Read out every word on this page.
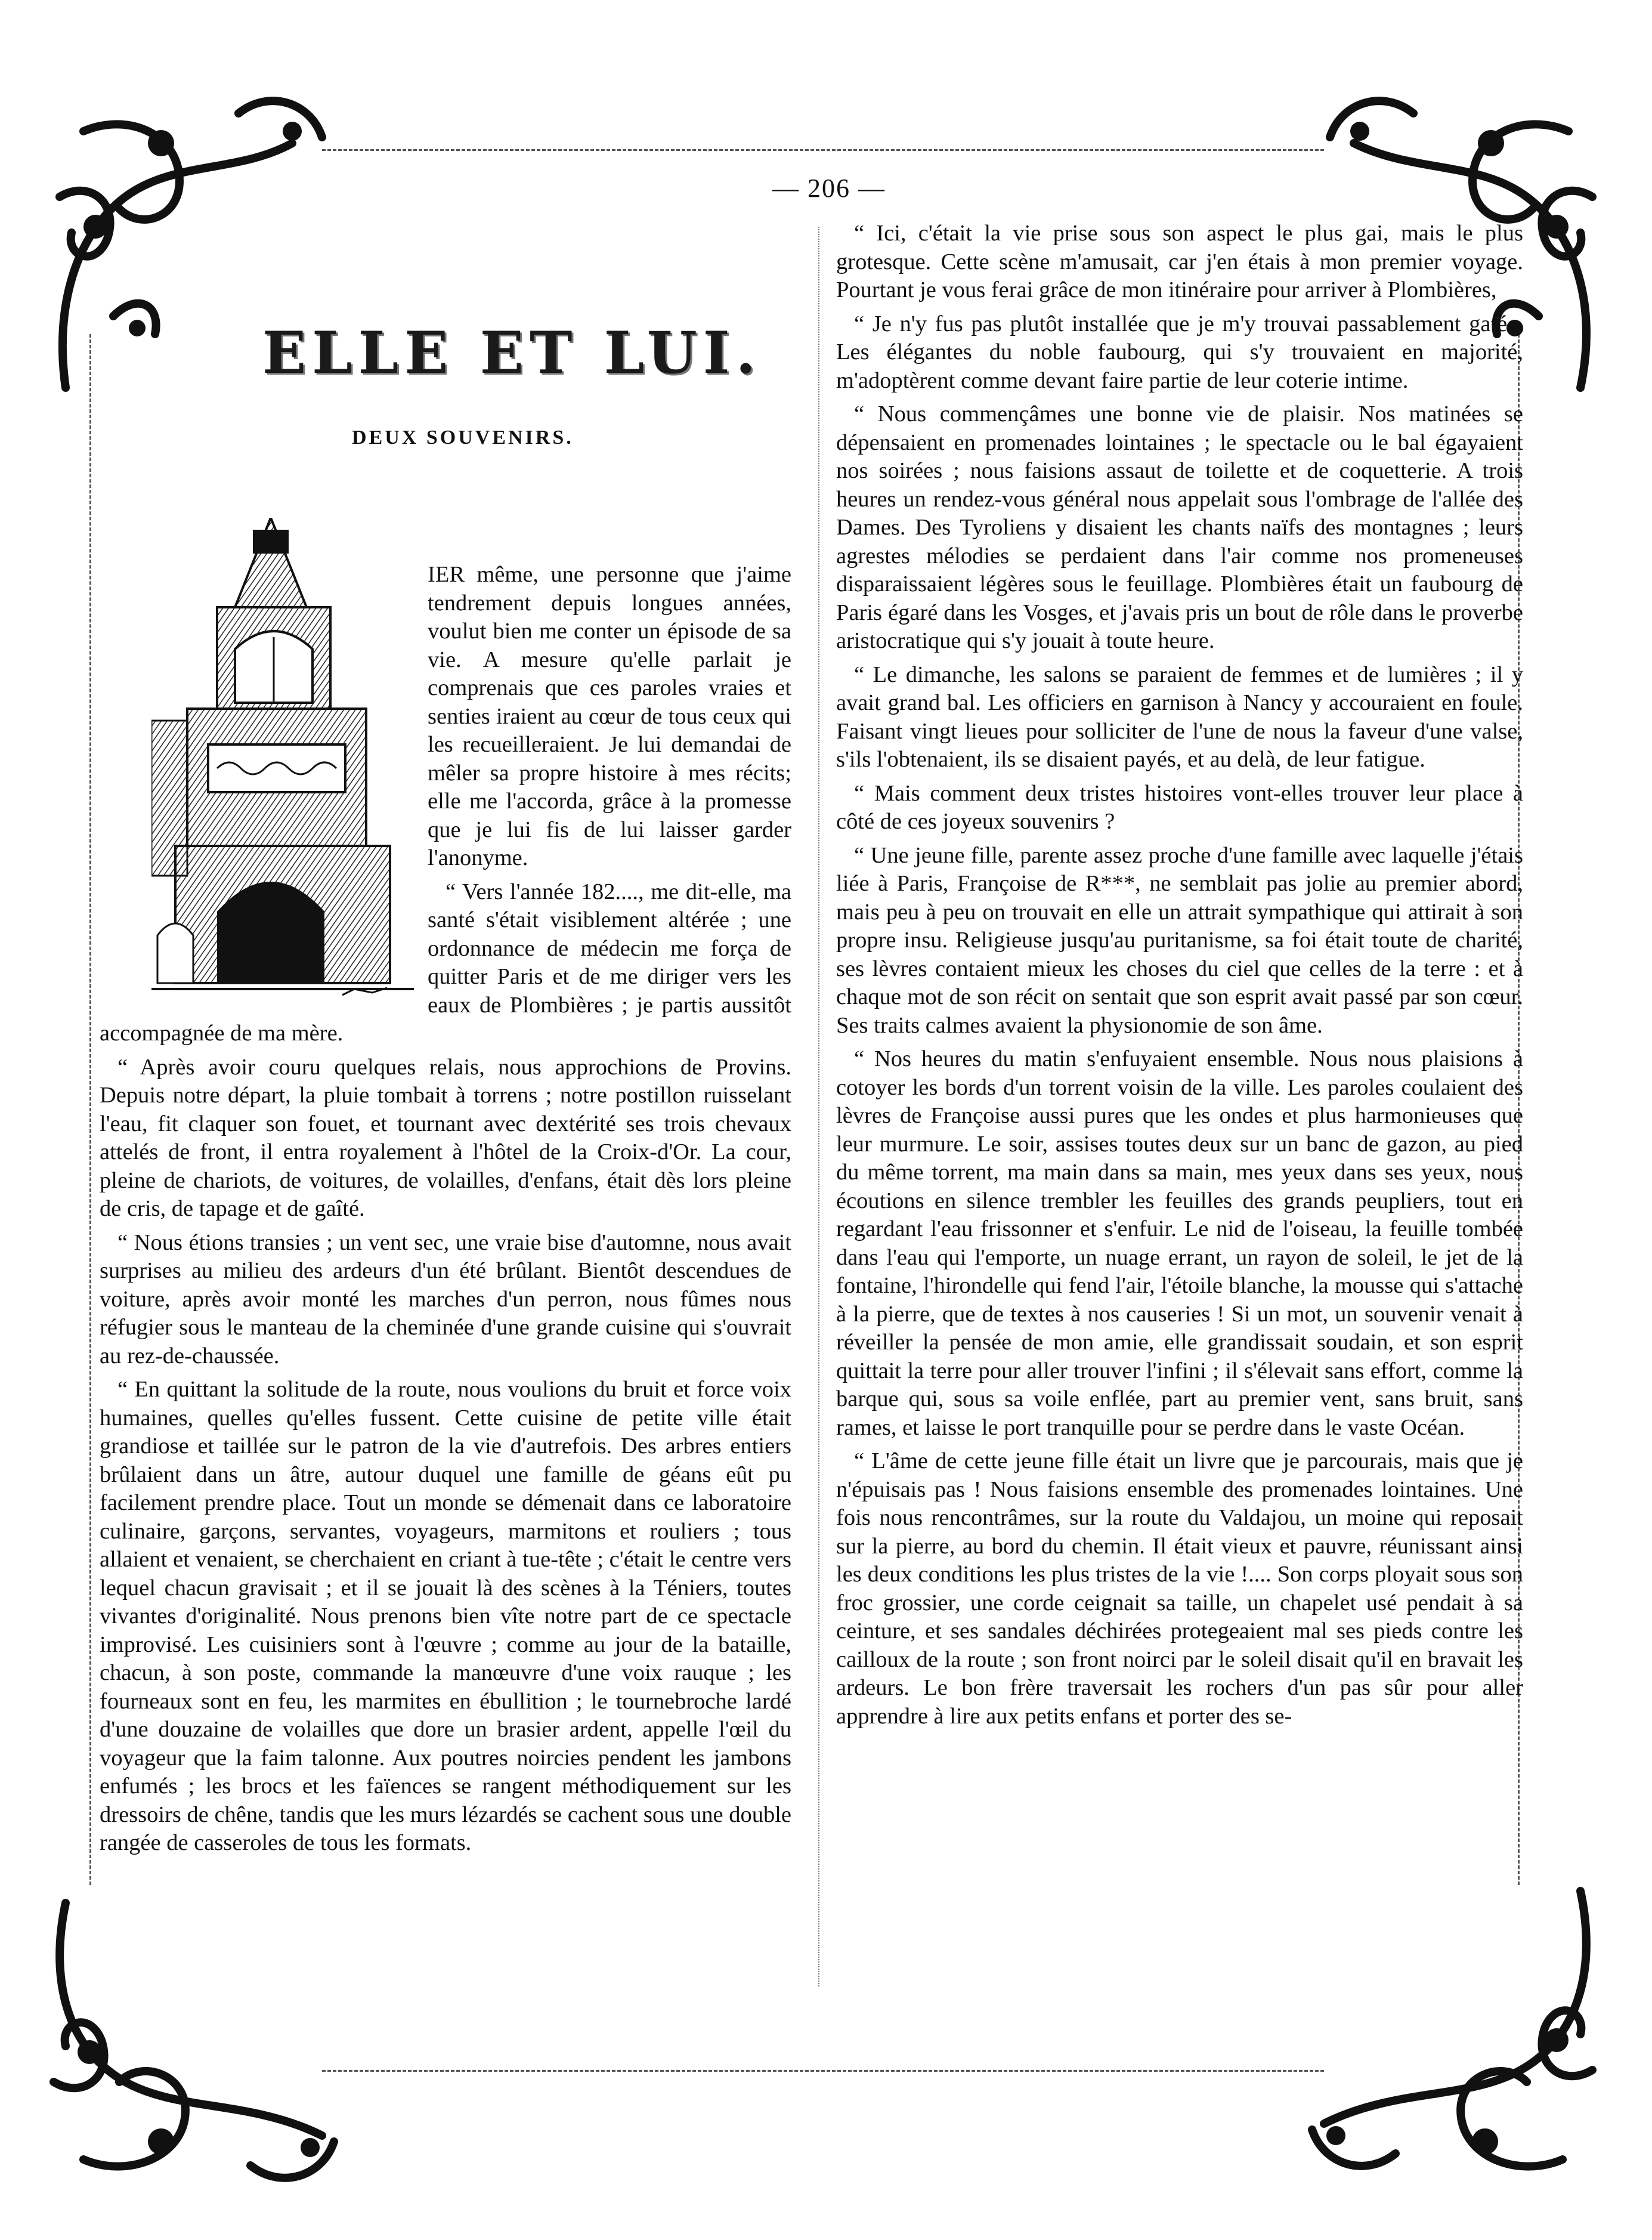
— 206 —
ELLE ET LUI.
DEUX SOUVENIRS.

IER même, une personne que j'aime tendrement depuis longues années, voulut bien me conter un épisode de sa vie. A mesure qu'elle parlait je comprenais que ces paroles vraies et senties iraient au cœur de tous ceux qui les recueilleraient. Je lui demandai de mêler sa propre histoire à mes récits; elle me l'accorda, grâce à la promesse que je lui fis de lui laisser garder l'anonyme.

“ Vers l'année 182...., me dit-elle, ma santé s'était visiblement altérée ; une ordonnance de médecin me força de quitter Paris et de me diriger vers les eaux de Plombières ; je partis aussitôt accompagnée de ma mère.

“ Après avoir couru quelques relais, nous approchions de Provins. Depuis notre départ, la pluie tombait à torrens ; notre postillon ruisselant l'eau, fit claquer son fouet, et tournant avec dextérité ses trois chevaux attelés de front, il entra royalement à l'hôtel de la Croix-d'Or. La cour, pleine de chariots, de voitures, de volailles, d'enfans, était dès lors pleine de cris, de tapage et de gaîté.

“ Nous étions transies ; un vent sec, une vraie bise d'automne, nous avait surprises au milieu des ardeurs d'un été brûlant. Bientôt descendues de voiture, après avoir monté les marches d'un perron, nous fûmes nous réfugier sous le manteau de la cheminée d'une grande cuisine qui s'ouvrait au rez-de-chaussée.

“ En quittant la solitude de la route, nous voulions du bruit et force voix humaines, quelles qu'elles fussent. Cette cuisine de petite ville était grandiose et taillée sur le patron de la vie d'autrefois. Des arbres entiers brûlaient dans un âtre, autour duquel une famille de géans eût pu facilement prendre place. Tout un monde se démenait dans ce laboratoire culinaire, garçons, servantes, voyageurs, marmitons et rouliers ; tous allaient et venaient, se cherchaient en criant à tue-tête ; c'était le centre vers lequel chacun gravisait ; et il se jouait là des scènes à la Téniers, toutes vivantes d'originalité. Nous prenons bien vîte notre part de ce spectacle improvisé. Les cuisiniers sont à l'œuvre ; comme au jour de la bataille, chacun, à son poste, commande la manœuvre d'une voix rauque ; les fourneaux sont en feu, les marmites en ébullition ; le tournebroche lardé d'une douzaine de volailles que dore un brasier ardent, appelle l'œil du voyageur que la faim talonne. Aux poutres noircies pendent les jambons enfumés ; les brocs et les faïences se rangent méthodiquement sur les dressoirs de chêne, tandis que les murs lézardés se cachent sous une double rangée de casseroles de tous les formats.

“ Ici, c'était la vie prise sous son aspect le plus gai, mais le plus grotesque. Cette scène m'amusait, car j'en étais à mon premier voyage. Pourtant je vous ferai grâce de mon itinéraire pour arriver à Plombières,

“ Je n'y fus pas plutôt installée que je m'y trouvai passablement gatée. Les élégantes du noble faubourg, qui s'y trouvaient en majorité, m'adoptèrent comme devant faire partie de leur coterie intime.

“ Nous commençâmes une bonne vie de plaisir. Nos matinées se dépensaient en promenades lointaines ; le spectacle ou le bal égayaient nos soirées ; nous faisions assaut de toilette et de coquetterie. A trois heures un rendez-vous général nous appelait sous l'ombrage de l'allée des Dames. Des Tyroliens y disaient les chants naïfs des montagnes ; leurs agrestes mélodies se perdaient dans l'air comme nos promeneuses disparaissaient légères sous le feuillage. Plombières était un faubourg de Paris égaré dans les Vosges, et j'avais pris un bout de rôle dans le proverbe aristocratique qui s'y jouait à toute heure.

“ Le dimanche, les salons se paraient de femmes et de lumières ; il y avait grand bal. Les officiers en garnison à Nancy y accouraient en foule. Faisant vingt lieues pour solliciter de l'une de nous la faveur d'une valse, s'ils l'obtenaient, ils se disaient payés, et au delà, de leur fatigue.

“ Mais comment deux tristes histoires vont-elles trouver leur place à côté de ces joyeux souvenirs ?

“ Une jeune fille, parente assez proche d'une famille avec laquelle j'étais liée à Paris, Françoise de R***, ne semblait pas jolie au premier abord, mais peu à peu on trouvait en elle un attrait sympathique qui attirait à son propre insu. Religieuse jusqu'au puritanisme, sa foi était toute de charité, ses lèvres contaient mieux les choses du ciel que celles de la terre : et à chaque mot de son récit on sentait que son esprit avait passé par son cœur. Ses traits calmes avaient la physionomie de son âme.

“ Nos heures du matin s'enfuyaient ensemble. Nous nous plaisions à cotoyer les bords d'un torrent voisin de la ville. Les paroles coulaient des lèvres de Françoise aussi pures que les ondes et plus harmonieuses que leur murmure. Le soir, assises toutes deux sur un banc de gazon, au pied du même torrent, ma main dans sa main, mes yeux dans ses yeux, nous écoutions en silence trembler les feuilles des grands peupliers, tout en regardant l'eau frissonner et s'enfuir. Le nid de l'oiseau, la feuille tombée dans l'eau qui l'emporte, un nuage errant, un rayon de soleil, le jet de la fontaine, l'hirondelle qui fend l'air, l'étoile blanche, la mousse qui s'attache à la pierre, que de textes à nos causeries ! Si un mot, un souvenir venait à réveiller la pensée de mon amie, elle grandissait soudain, et son esprit quittait la terre pour aller trouver l'infini ; il s'élevait sans effort, comme la barque qui, sous sa voile enflée, part au premier vent, sans bruit, sans rames, et laisse le port tranquille pour se perdre dans le vaste Océan.

“ L'âme de cette jeune fille était un livre que je parcourais, mais que je n'épuisais pas ! Nous faisions ensemble des promenades lointaines. Une fois nous rencontrâmes, sur la route du Valdajou, un moine qui reposait sur la pierre, au bord du chemin. Il était vieux et pauvre, réunissant ainsi les deux conditions les plus tristes de la vie !.... Son corps ployait sous son froc grossier, une corde ceignait sa taille, un chapelet usé pendait à sa ceinture, et ses sandales déchirées protegeaient mal ses pieds contre les cailloux de la route ; son front noirci par le soleil disait qu'il en bravait les ardeurs. Le bon frère traversait les rochers d'un pas sûr pour aller apprendre à lire aux petits enfans et porter des se-
